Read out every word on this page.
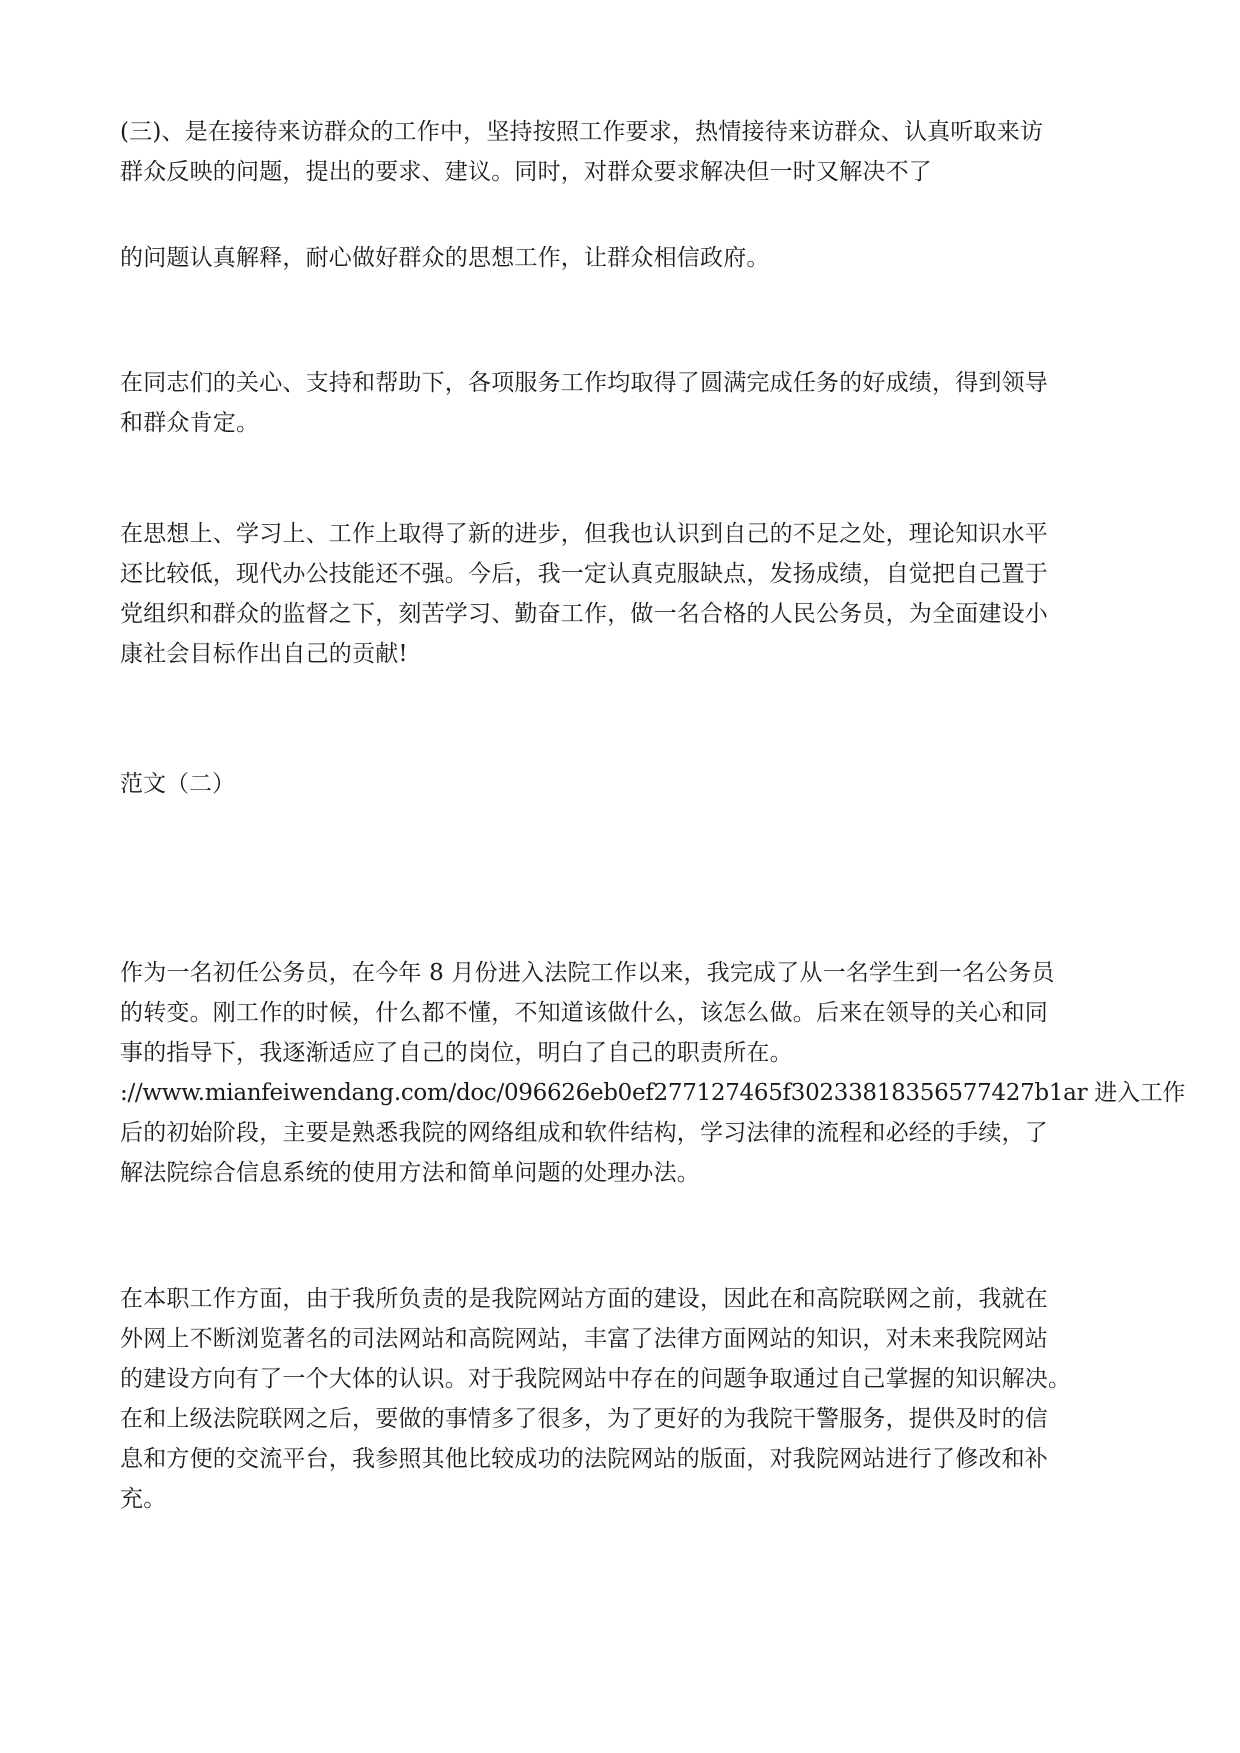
(三)、是在接待来访群众的工作中，坚持按照工作要求，热情接待来访群众、认真听取来访
群众反映的问题，提出的要求、建议。同时，对群众要求解决但一时又解决不了

的问题认真解释，耐心做好群众的思想工作，让群众相信政府。

在同志们的关心、支持和帮助下，各项服务工作均取得了圆满完成任务的好成绩，得到领导
和群众肯定。

在思想上、学习上、工作上取得了新的进步，但我也认识到自己的不足之处，理论知识水平
还比较低，现代办公技能还不强。今后，我一定认真克服缺点，发扬成绩，自觉把自己置于
党组织和群众的监督之下，刻苦学习、勤奋工作，做一名合格的人民公务员，为全面建设小
康社会目标作出自己的贡献!

范文（二）

作为一名初任公务员，在今年 8 月份进入法院工作以来，我完成了从一名学生到一名公务员
的转变。刚工作的时候，什么都不懂，不知道该做什么，该怎么做。后来在领导的关心和同
事的指导下，我逐渐适应了自己的岗位，明白了自己的职责所在。
://www.mianfeiwendang.com/doc/096626eb0ef277127465f30233818356577427b1ar 进入工作
后的初始阶段，主要是熟悉我院的网络组成和软件结构，学习法律的流程和必经的手续，了
解法院综合信息系统的使用方法和简单问题的处理办法。

在本职工作方面，由于我所负责的是我院网站方面的建设，因此在和高院联网之前，我就在
外网上不断浏览著名的司法网站和高院网站，丰富了法律方面网站的知识，对未来我院网站
的建设方向有了一个大体的认识。对于我院网站中存在的问题争取通过自己掌握的知识解决。
在和上级法院联网之后，要做的事情多了很多，为了更好的为我院干警服务，提供及时的信
息和方便的交流平台，我参照其他比较成功的法院网站的版面，对我院网站进行了修改和补
充。
